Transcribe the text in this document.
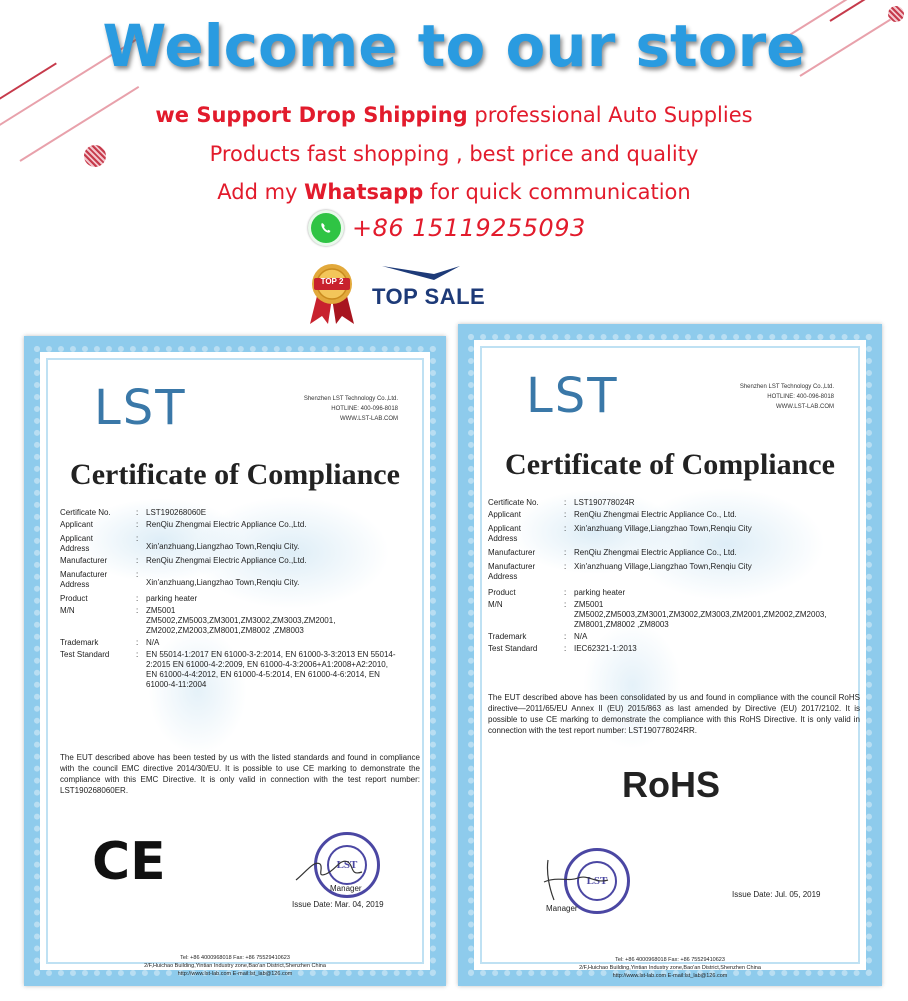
Welcome to our store
we Support Drop Shipping professional Auto Supplies
Products fast shopping , best price and quality
Add my Whatsapp for quick communication
+86 15119255093
TOP 2
TOP SALE
LST	Shenzhen LST Technology Co.,Ltd.
HOTLINE: 400-096-8018
WWW.LST-LAB.COM
Certificate of Compliance
Certificate No.	: LST190268060E
Applicant	: RenQiu Zhengmai Electric Appliance Co.,Ltd.
Applicant Address
:
Xin'anzhuang,Liangzhao Town,Renqiu City.
Manufacturer	: RenQiu Zhengmai Electric Appliance Co.,Ltd.
Manufacturer Address
:
Xin'anzhuang,Liangzhao Town,Renqiu City.
Product	: parking heater
M/N	: ZM5001 ZM5002,ZM5003,ZM3001,ZM3002,ZM3003,ZM2001, ZM2002,ZM2003,ZM8001,ZM8002 ,ZM8003
Trademark	: N/A
Test Standard	: EN 55014-1:2017 EN 61000-3-2:2014, EN 61000-3-3:2013 EN 55014-2:2015 EN 61000-4-2:2009, EN 61000-4-3:2006+A1:2008+A2:2010, EN 61000-4-4:2012, EN 61000-4-5:2014, EN 61000-4-6:2014, EN 61000-4-11:2004
The EUT described above has been tested by us with the listed standards and found in compliance with the council EMC directive 2014/30/EU. It is possible to use CE marking to demonstrate the compliance with this EMC Directive. It is only valid in connection with the test report number: LST190268060ER.
CE	LST
Manager
Issue Date: Mar. 04, 2019
Tel: +86 4000968018 Fax: +86 75529410623
2/F,Huichao Building,Yintian Industry zone,Bao'an District,Shenzhen China
http://www.lst-lab.com E-mail:lst_lab@126.com
LST	Shenzhen LST Technology Co.,Ltd.
HOTLINE: 400-096-8018
WWW.LST-LAB.COM
Certificate of Compliance
Certificate No.	: LST190778024R
Applicant	: RenQiu Zhengmai Electric Appliance Co., Ltd.
Applicant Address
: Xin'anzhuang Village,Liangzhao Town,Renqiu City
Manufacturer	: RenQiu Zhengmai Electric Appliance Co., Ltd.
Manufacturer Address
: Xin'anzhuang Village,Liangzhao Town,Renqiu City
Product	: parking heater
M/N	: ZM5001 ZM5002,ZM5003,ZM3001,ZM3002,ZM3003,ZM2001,ZM2002,ZM2003, ZM8001,ZM8002 ,ZM8003
Trademark	: N/A
Test Standard	: IEC62321-1:2013
The EUT described above has been consolidated by us and found in compliance with the council RoHS directive—2011/65/EU Annex II (EU) 2015/863 as last amended by Directive (EU) 2017/2102. It is possible to use CE marking to demonstrate the compliance with this RoHS Directive. It is only valid in connection with the test report number: LST190778024RR.
RoHS
LST
Manager
Issue Date: Jul. 05, 2019
Tel: +86 4000968018 Fax: +86 75529410623
2/F,Huichao Building,Yintian Industry zone,Bao'an District,Shenzhen China
http://www.lst-lab.com E-mail:lst_lab@126.com
